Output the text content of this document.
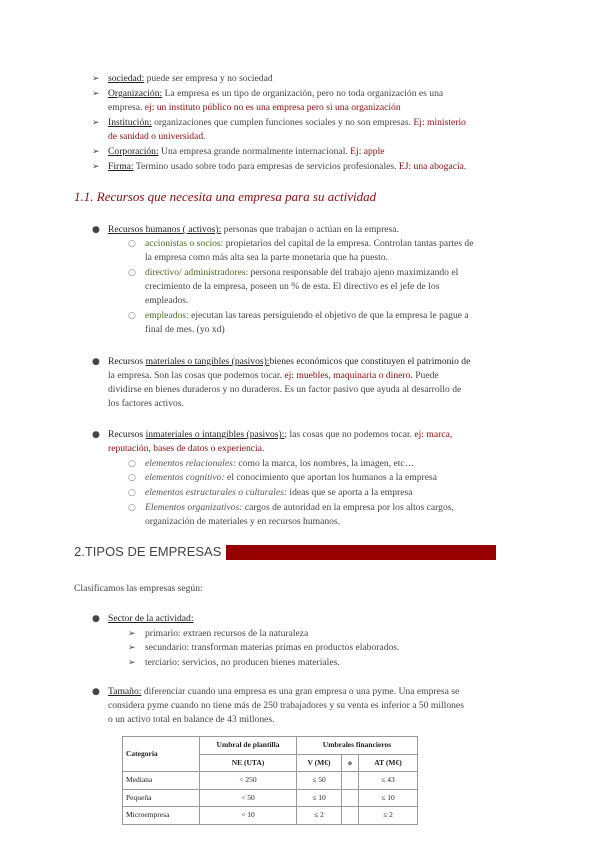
➢ sociedad: puede ser empresa y no sociedad
➢ Organización: La empresa es un tipo de organización, pero no toda organización es una
empresa. ej: un instituto público no es una empresa pero si una organización
➢ Institución: organizaciones que cumplen funciones sociales y no son empresas. Ej: ministerio
de sanidad o universidad.
➢ Corporación: Una empresa grande normalmente internacional. Ej: apple
➢ Firma: Termino usado sobre todo para empresas de servicios profesionales. EJ: una abogacía.
1.1. Recursos que necesita una empresa para su actividad
● Recursos humanos ( activos): personas que trabajan o actúan en la empresa.
○ accionistas o socios: propietarios del capital de la empresa. Controlan tantas partes de
la empresa como más alta sea la parte monetaria que ha puesto.
○ directivo/ administradores: persona responsable del trabajo ajeno maximizando el
crecimiento de la empresa, poseen un % de esta. El directivo es el jefe de los
empleados.
○ empleados: ejecutan las tareas persiguiendo el objetivo de que la empresa le pague a
final de mes. (yo xd)
● Recursos materiales o tangibles (pasivos):bienes económicos que constituyen el patrimonio de
la empresa. Son las cosas que podemos tocar. ej: muebles, maquinaria o dinero. Puede
dividirse en bienes duraderos y no duraderos. Es un factor pasivo que ayuda al desarrollo de
los factores activos.
● Recursos inmateriales o intangibles (pasivos):; las cosas que no podemos tocar. ej: marca,
reputación, bases de datos o experiencia.
○ elementos relacionales: como la marca, los nombres, la imagen, etc…
○ elementos cognitivo: el conocimiento que aportan los humanos a la empresa
○ elementos estructurales o culturales: ideas que se aporta a la empresa
○ Elementos organizativos: cargos de autoridad en la empresa por los altos cargos,
organización de materiales y en recursos humanos.
2.TIPOS DE EMPRESAS
Clasificamos las empresas según:
● Sector de la actividad:
➢ primario: extraen recursos de la naturaleza
➢ secundario: transforman materias primas en productos elaborados.
➢ terciario: servicios, no producen bienes materiales.
● Tamaño: diferenciar cuando una empresa es una gran empresa o una pyme. Una empresa se
considera pyme cuando no tiene más de 250 trabajadores y su venta es inferior a 50 millones
o un activo total en balance de 43 millones.
Categoría	Umbral de plantilla	Umbrales financieros		
	NE (UTA)	V (M€)	o	AT (M€)
Mediana	< 250	≤ 50		≤ 43
Pequeña	< 50	≤ 10		≤ 10
Microempresa	< 10	≤ 2		≤ 2
